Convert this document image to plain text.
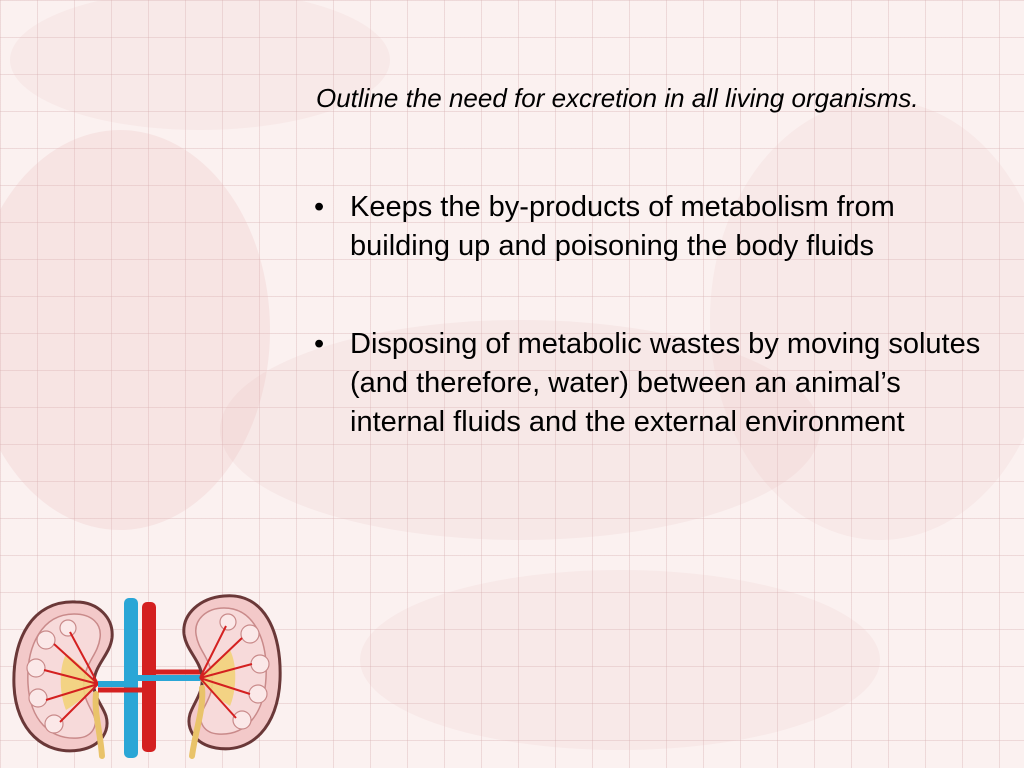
Outline the need for excretion in all living organisms.
• Keeps the by-products of metabolism from building up and poisoning the body fluids
• Disposing of metabolic wastes by moving solutes (and therefore, water) between an animal’s internal fluids and the external environment
